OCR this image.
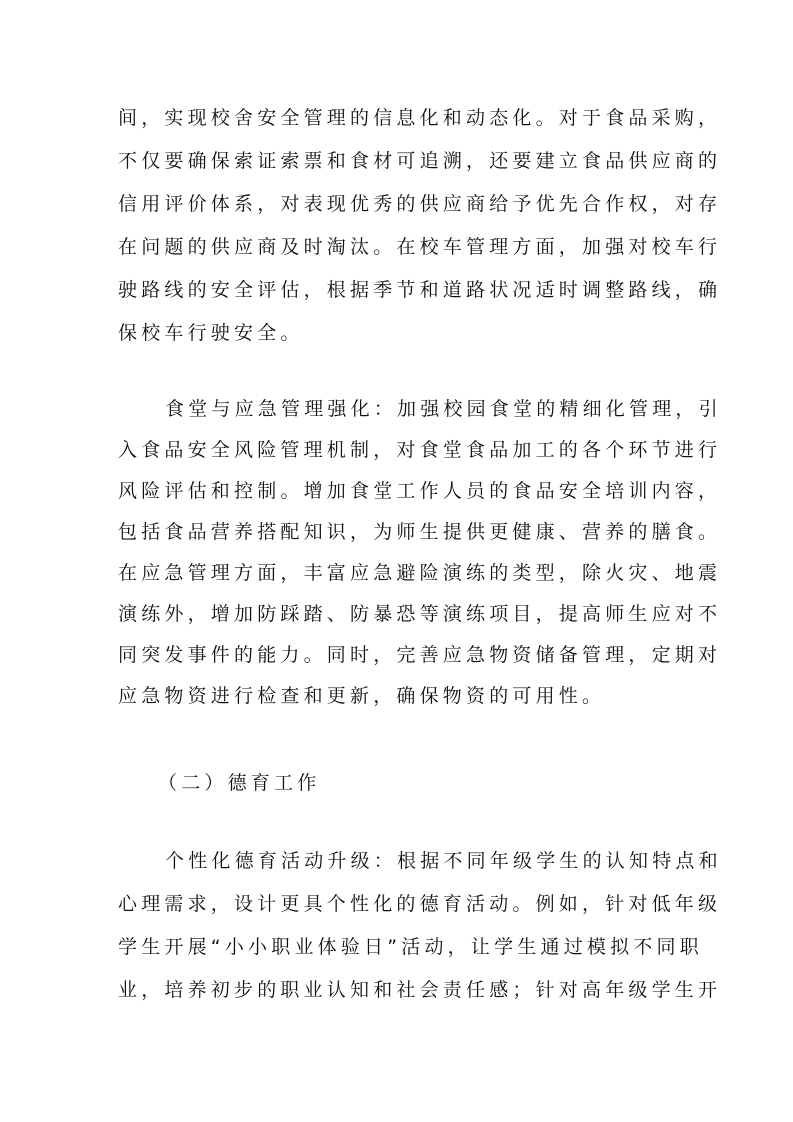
间，实现校舍安全管理的信息化和动态化。对于食品采购，
不仅要确保索证索票和食材可追溯，还要建立食品供应商的
信用评价体系，对表现优秀的供应商给予优先合作权，对存
在问题的供应商及时淘汰。在校车管理方面，加强对校车行
驶路线的安全评估，根据季节和道路状况适时调整路线，确
保校车行驶安全。
食堂与应急管理强化：加强校园食堂的精细化管理，引
入食品安全风险管理机制，对食堂食品加工的各个环节进行
风险评估和控制。增加食堂工作人员的食品安全培训内容，
包括食品营养搭配知识，为师生提供更健康、营养的膳食。
在应急管理方面，丰富应急避险演练的类型，除火灾、地震
演练外，增加防踩踏、防暴恐等演练项目，提高师生应对不
同突发事件的能力。同时，完善应急物资储备管理，定期对
应急物资进行检查和更新，确保物资的可用性。
（二）德育工作
个性化德育活动升级：根据不同年级学生的认知特点和
心理需求，设计更具个性化的德育活动。例如，针对低年级
学生开展“小小职业体验日”活动，让学生通过模拟不同职
业，培养初步的职业认知和社会责任感；针对高年级学生开
